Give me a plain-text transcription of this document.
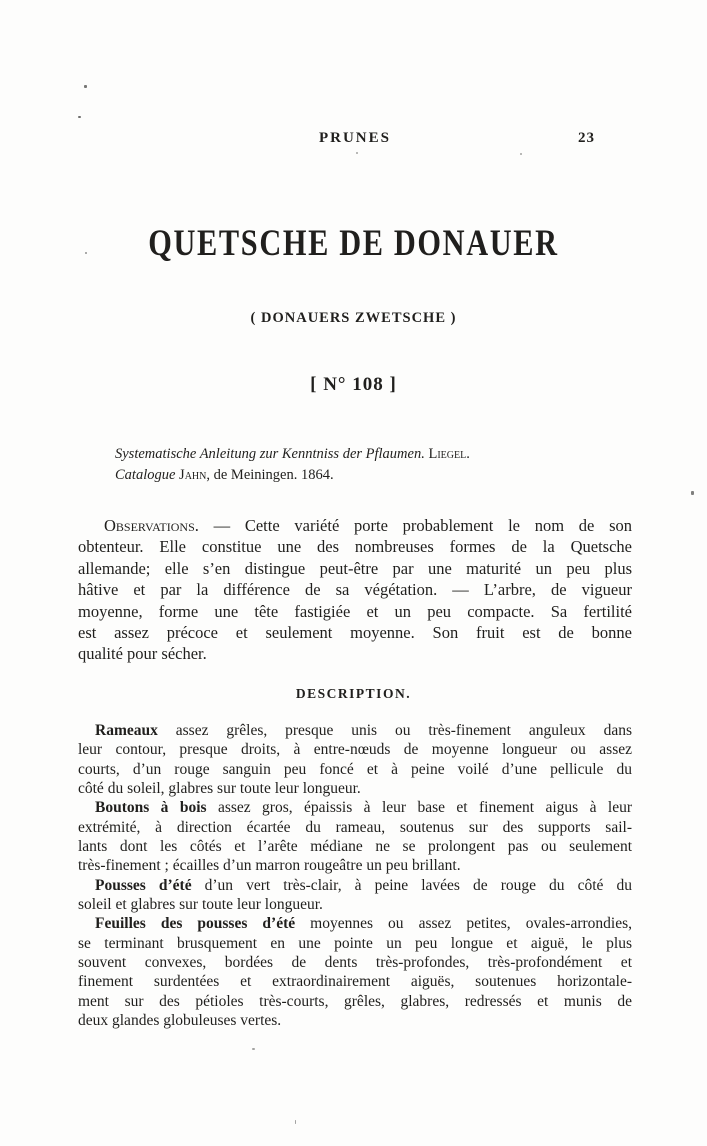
PRUNES	23
QUETSCHE DE DONAUER
( DONAUERS ZWETSCHE )
[ N° 108 ]
Systematische Anleitung zur Kenntniss der Pflaumen. Liegel.
Catalogue Jahn, de Meiningen. 1864.
Observations. — Cette variété porte probablement le nom de son
obtenteur. Elle constitue une des nombreuses formes de la Quetsche
allemande; elle s’en distingue peut-être par une maturité un peu plus
hâtive et par la différence de sa végétation. — L’arbre, de vigueur
moyenne, forme une tête fastigiée et un peu compacte. Sa fertilité
est assez précoce et seulement moyenne. Son fruit est de bonne
qualité pour sécher.
DESCRIPTION.
Rameaux assez grêles, presque unis ou très-finement anguleux dans
leur contour, presque droits, à entre-nœuds de moyenne longueur ou assez
courts, d’un rouge sanguin peu foncé et à peine voilé d’une pellicule du
côté du soleil, glabres sur toute leur longueur.
Boutons à bois assez gros, épaissis à leur base et finement aigus à leur
extrémité, à direction écartée du rameau, soutenus sur des supports sail-
lants dont les côtés et l’arête médiane ne se prolongent pas ou seulement
très-finement ; écailles d’un marron rougeâtre un peu brillant.
Pousses d’été d’un vert très-clair, à peine lavées de rouge du côté du
soleil et glabres sur toute leur longueur.
Feuilles des pousses d’été moyennes ou assez petites, ovales-arrondies,
se terminant brusquement en une pointe un peu longue et aiguë, le plus
souvent convexes, bordées de dents très-profondes, très-profondément et
finement surdentées et extraordinairement aiguës, soutenues horizontale-
ment sur des pétioles très-courts, grêles, glabres, redressés et munis de
deux glandes globuleuses vertes.
